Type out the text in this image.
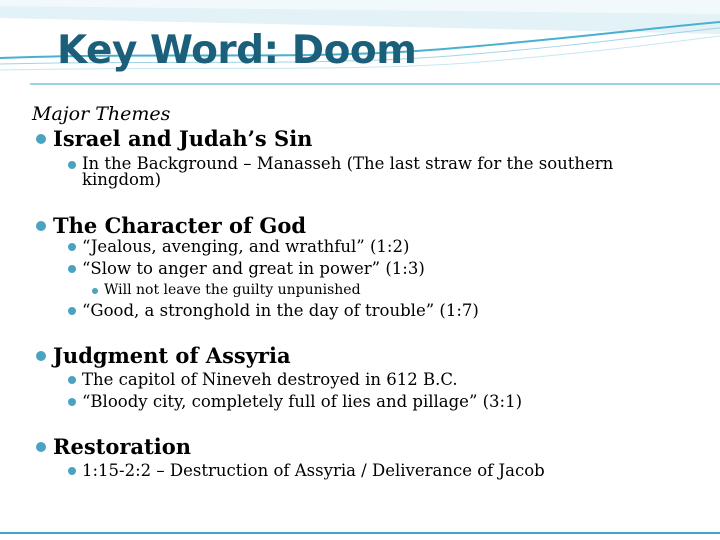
Key Word: Doom

Major Themes

Israel and Judah’s Sin
In the Background – Manasseh (The last straw for the southern
kingdom)
The Character of God
“Jealous, avenging, and wrathful” (1:2)
“Slow to anger and great in power” (1:3)
Will not leave the guilty unpunished
“Good, a stronghold in the day of trouble” (1:7)
Judgment of Assyria
The capitol of Nineveh destroyed in 612 B.C.
“Bloody city, completely full of lies and pillage” (3:1)
Restoration
1:15-2:2 – Destruction of Assyria / Deliverance of Jacob
